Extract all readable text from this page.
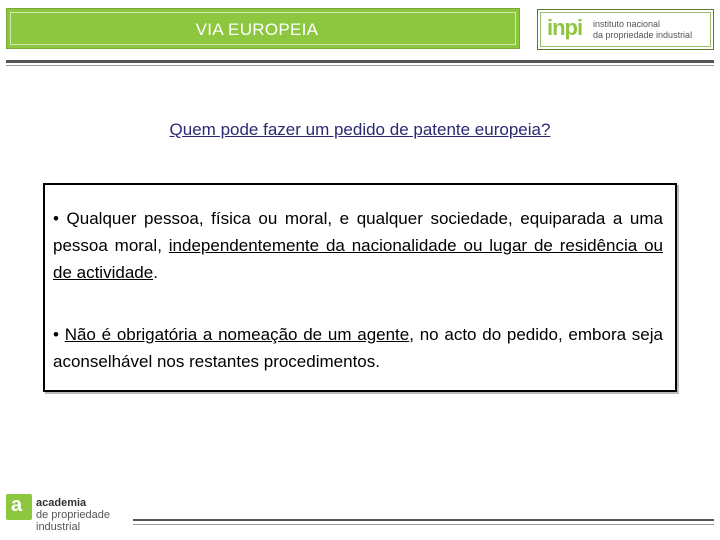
VIA EUROPEIA	inpi instituto nacional
da propriedade industrial
Quem pode fazer um pedido de patente europeia?
• Qualquer pessoa, física ou moral, e qualquer sociedade, equiparada a uma pessoa moral, independentemente da nacionalidade ou lugar de residência ou de actividade.
• Não é obrigatória a nomeação de um agente, no acto do pedido, embora seja aconselhável nos restantes procedimentos.
a academia
de propriedade
industrial
